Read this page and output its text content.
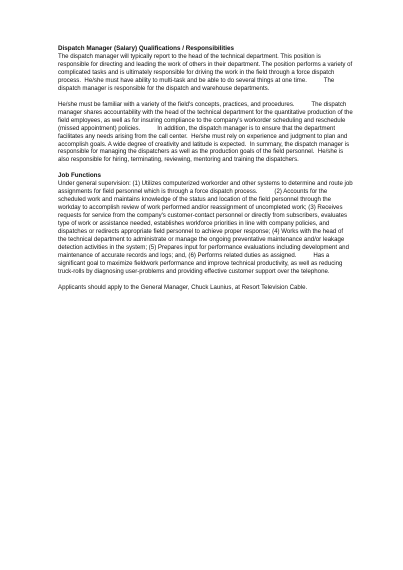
Dispatch Manager (Salary) Qualifications / Responsibilities

The dispatch manager will typically report to the head of the technical department. This position is responsible for directing and leading the work of others in their department. The position performs a variety of complicated tasks and is ultimately responsible for driving the work in the field through a force dispatch process.  He/she must have ability to multi-task and be able to do several things at one time.          The dispatch manager is responsible for the dispatch and warehouse departments.

He/she must be familiar with a variety of the field's concepts, practices, and procedures.          The dispatch manager shares accountability with the head of the technical department for the quantitative production of the field employees, as well as for insuring compliance to the company's workorder scheduling and reschedule (missed appointment) policies.          In addition, the dispatch manager is to ensure that the department facilitates any needs arising from the call center.  He/she must rely on experience and judgment to plan and accomplish goals. A wide degree of creativity and latitude is expected.  In summary, the dispatch manager is responsible for managing the dispatchers as well as the production goals of the field personnel.  He/she is also responsible for hiring, terminating, reviewing, mentoring and training the dispatchers.

Job Functions

Under general supervision: (1) Utilizes computerized workorder and other systems to determine and route job assignments for field personnel which is through a force dispatch process.          (2) Accounts for the scheduled work and maintains knowledge of the status and location of the field personnel through the workday to accomplish review of work performed and/or reassignment of uncompleted work; (3) Receives requests for service from the company's customer-contact personnel or directly from subscribers, evaluates type of work or assistance needed, establishes workforce priorities in line with company policies, and dispatches or redirects appropriate field personnel to achieve proper response; (4) Works with the head of the technical department to administrate or manage the ongoing preventative maintenance and/or leakage detection activities in the system; (5) Prepares input for performance evaluations including development and maintenance of accurate records and logs; and, (6) Performs related duties as assigned.          Has a significant goal to maximize fieldwork performance and improve technical productivity, as well as reducing truck-rolls by diagnosing user-problems and providing effective customer support over the telephone.

Applicants should apply to the General Manager, Chuck Launius, at Resort Television Cable.
